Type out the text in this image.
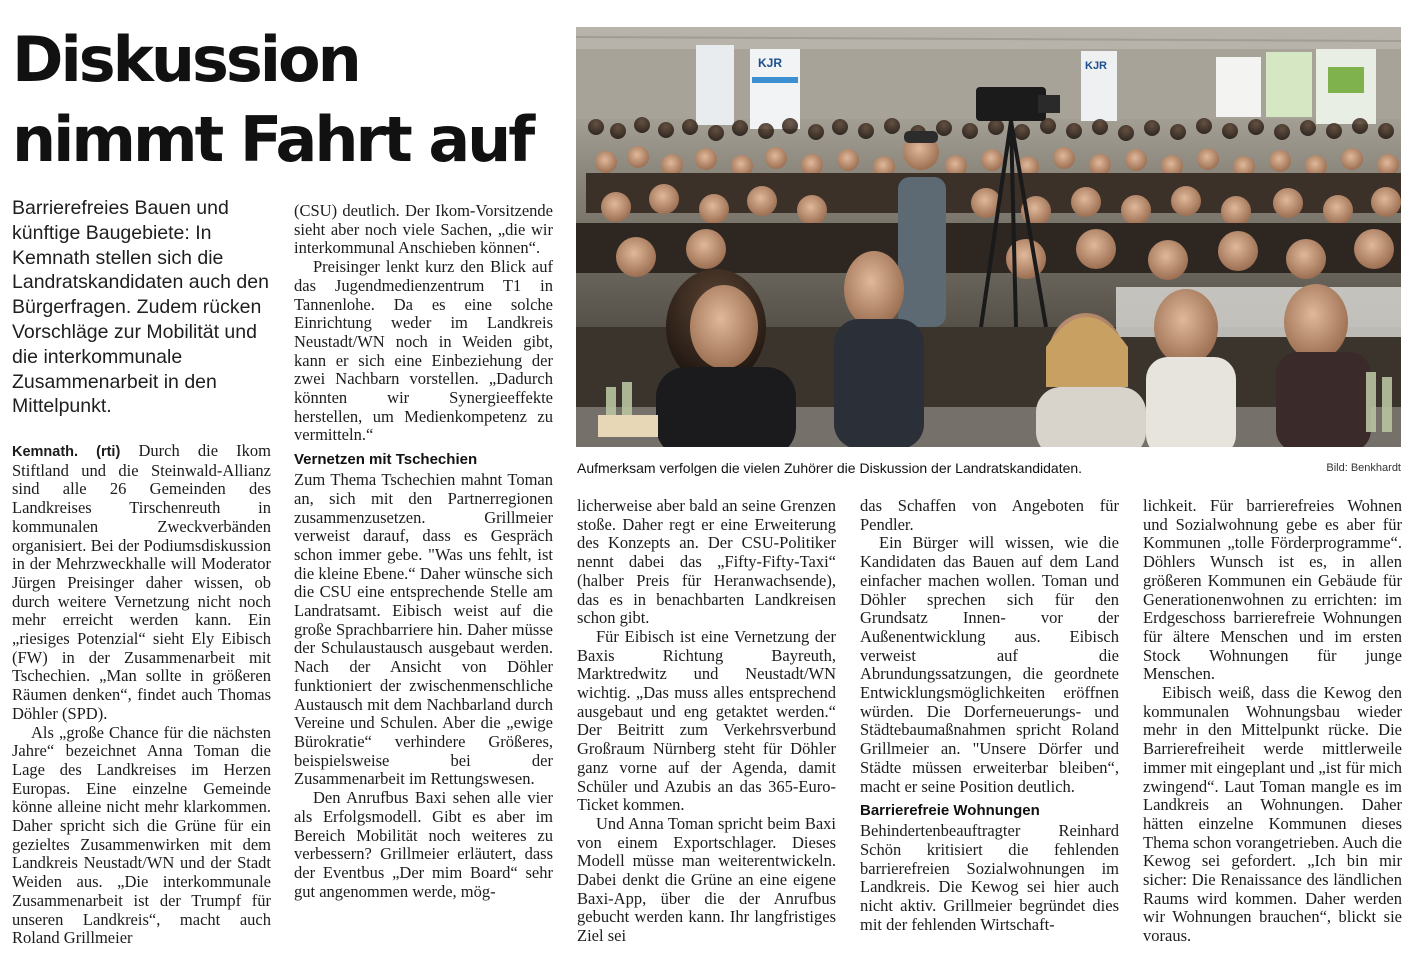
Diskussion nimmt Fahrt auf

Barrierefreies Bauen und künftige Baugebiete: In Kemnath stellen sich die Landratskandidaten auch den Bürgerfragen. Zudem rücken Vorschläge zur Mobilität und die interkommunale Zusammenarbeit in den Mittelpunkt.

KJR	KJR

Aufmerksam verfolgen die vielen Zuhörer die Diskussion der Landratskandidaten.	Bild: Benkhardt

Kemnath. (rti) Durch die Ikom Stiftland und die Steinwald-Allianz sind alle 26 Gemeinden des Landkreises Tirschenreuth in kommunalen Zweckverbänden organisiert. Bei der Podiumsdiskussion in der Mehrzweckhalle will Moderator Jürgen Preisinger daher wissen, ob durch weitere Vernetzung nicht noch mehr erreicht werden kann. Ein „riesiges Potenzial“ sieht Ely Eibisch (FW) in der Zusammenarbeit mit Tschechien. „Man sollte in größeren Räumen denken“, findet auch Thomas Döhler (SPD).

Als „große Chance für die nächsten Jahre“ bezeichnet Anna Toman die Lage des Landkreises im Herzen Europas. Eine einzelne Gemeinde könne alleine nicht mehr klarkommen. Daher spricht sich die Grüne für ein gezieltes Zusammenwirken mit dem Landkreis Neustadt/WN und der Stadt Weiden aus. „Die interkommunale Zusammenarbeit ist der Trumpf für unseren Landkreis“, macht auch Roland Grillmeier

(CSU) deutlich. Der Ikom-Vorsitzende sieht aber noch viele Sachen, „die wir interkommunal Anschieben können“.

Preisinger lenkt kurz den Blick auf das Jugendmedienzentrum T1 in Tannenlohe. Da es eine solche Einrichtung weder im Landkreis Neustadt/WN noch in Weiden gibt, kann er sich eine Einbeziehung der zwei Nachbarn vorstellen. „Dadurch könnten wir Synergieeffekte herstellen, um Medienkompetenz zu vermitteln.“

Vernetzen mit Tschechien

Zum Thema Tschechien mahnt Toman an, sich mit den Partnerregionen zusammenzusetzen. Grillmeier verweist darauf, dass es Gespräch schon immer gebe. "Was uns fehlt, ist die kleine Ebene.“ Daher wünsche sich die CSU eine entsprechende Stelle am Landratsamt. Eibisch weist auf die große Sprachbarriere hin. Daher müsse der Schulaustausch ausgebaut werden. Nach der Ansicht von Döhler funktioniert der zwischenmenschliche Austausch mit dem Nachbarland durch Vereine und Schulen. Aber die „ewige Bürokratie“ verhindere Größeres, beispielsweise bei der Zusammenarbeit im Rettungswesen.

Den Anrufbus Baxi sehen alle vier als Erfolgsmodell. Gibt es aber im Bereich Mobilität noch weiteres zu verbessern? Grillmeier erläutert, dass der Eventbus „Der mim Board“ sehr gut angenommen werde, mög-

licherweise aber bald an seine Grenzen stoße. Daher regt er eine Erweiterung des Konzepts an. Der CSU-Politiker nennt dabei das „Fifty-Fifty-Taxi“ (halber Preis für Heranwachsende), das es in benachbarten Landkreisen schon gibt.

Für Eibisch ist eine Vernetzung der Baxis Richtung Bayreuth, Marktredwitz und Neustadt/WN wichtig. „Das muss alles entsprechend ausgebaut und eng getaktet werden.“ Der Beitritt zum Verkehrsverbund Großraum Nürnberg steht für Döhler ganz vorne auf der Agenda, damit Schüler und Azubis an das 365-Euro-Ticket kommen.

Und Anna Toman spricht beim Baxi von einem Exportschlager. Dieses Modell müsse man weiterentwickeln. Dabei denkt die Grüne an eine eigene Baxi-App, über die der Anrufbus gebucht werden kann. Ihr langfristiges Ziel sei

das Schaffen von Angeboten für Pendler.

Ein Bürger will wissen, wie die Kandidaten das Bauen auf dem Land einfacher machen wollen. Toman und Döhler sprechen sich für den Grundsatz Innen- vor der Außenentwicklung aus. Eibisch verweist auf die Abrundungssatzungen, die geordnete Entwicklungsmöglichkeiten eröffnen würden. Die Dorferneuerungs- und Städtebaumaßnahmen spricht Roland Grillmeier an. "Unsere Dörfer und Städte müssen erweiterbar bleiben“, macht er seine Position deutlich.

Barrierefreie Wohnungen

Behindertenbeauftragter Reinhard Schön kritisiert die fehlenden barrierefreien Sozialwohnungen im Landkreis. Die Kewog sei hier auch nicht aktiv. Grillmeier begründet dies mit der fehlenden Wirtschaft-

lichkeit. Für barrierefreies Wohnen und Sozialwohnung gebe es aber für Kommunen „tolle Förderprogramme“. Döhlers Wunsch ist es, in allen größeren Kommunen ein Gebäude für Generationenwohnen zu errichten: im Erdgeschoss barrierefreie Wohnungen für ältere Menschen und im ersten Stock Wohnungen für junge Menschen.

Eibisch weiß, dass die Kewog den kommunalen Wohnungsbau wieder mehr in den Mittelpunkt rücke. Die Barrierefreiheit werde mittlerweile immer mit eingeplant und „ist für mich zwingend“. Laut Toman mangle es im Landkreis an Wohnungen. Daher hätten einzelne Kommunen dieses Thema schon vorangetrieben. Auch die Kewog sei gefordert. „Ich bin mir sicher: Die Renaissance des ländlichen Raums wird kommen. Daher werden wir Wohnungen brauchen“, blickt sie voraus.
